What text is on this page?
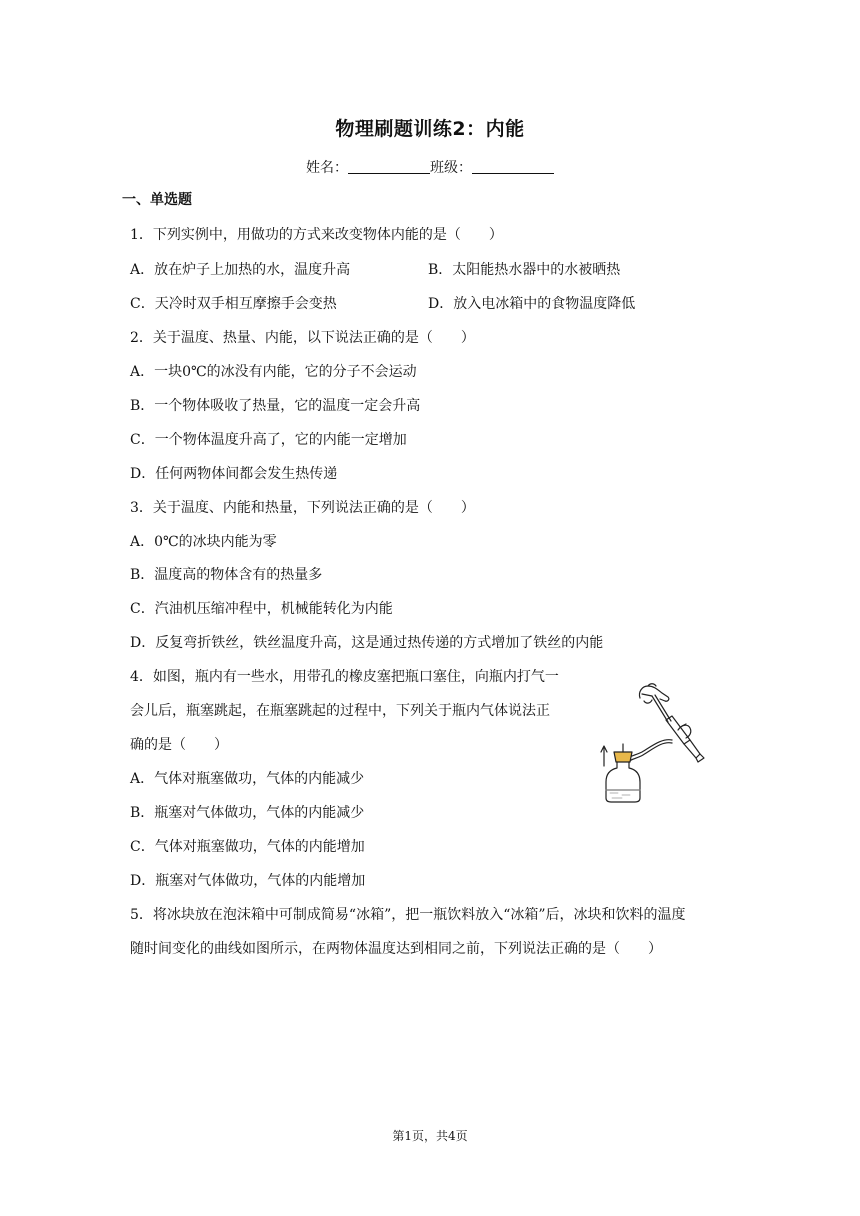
物理刷题训练2：内能
姓名：	班级：
一、单选题
1．下列实例中，用做功的方式来改变物体内能的是（　　）
A．放在炉子上加热的水，温度升高	B．太阳能热水器中的水被晒热
C．天冷时双手相互摩擦手会变热	D．放入电冰箱中的食物温度降低
2．关于温度、热量、内能，以下说法正确的是（　　）
A．一块0℃的冰没有内能，它的分子不会运动
B．一个物体吸收了热量，它的温度一定会升高
C．一个物体温度升高了，它的内能一定增加
D．任何两物体间都会发生热传递
3．关于温度、内能和热量，下列说法正确的是（　　）
A．0℃的冰块内能为零
B．温度高的物体含有的热量多
C．汽油机压缩冲程中，机械能转化为内能
D．反复弯折铁丝，铁丝温度升高，这是通过热传递的方式增加了铁丝的内能
4．如图，瓶内有一些水，用带孔的橡皮塞把瓶口塞住，向瓶内打气一
会儿后，瓶塞跳起，在瓶塞跳起的过程中，下列关于瓶内气体说法正
确的是（　　）
A．气体对瓶塞做功，气体的内能减少
B．瓶塞对气体做功，气体的内能减少
C．气体对瓶塞做功，气体的内能增加
D．瓶塞对气体做功，气体的内能增加
5．将冰块放在泡沫箱中可制成简易“冰箱”，把一瓶饮料放入“冰箱”后，冰块和饮料的温度
随时间变化的曲线如图所示，在两物体温度达到相同之前，下列说法正确的是（　　）
第1页，共4页
